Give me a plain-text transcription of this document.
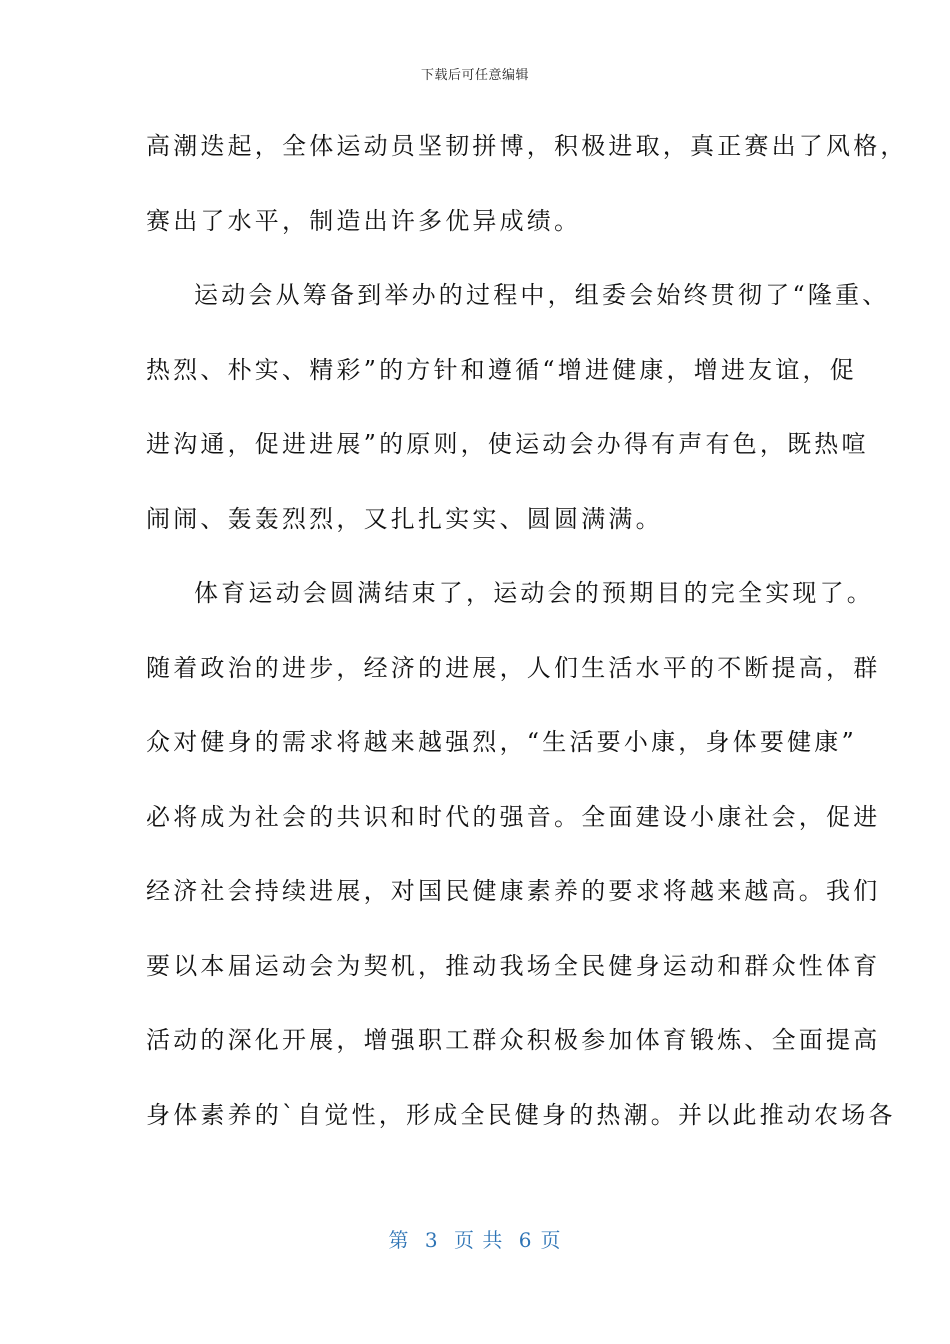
下载后可任意编辑
高潮迭起，全体运动员坚韧拼博，积极进取，真正赛出了风格，
赛出了水平，制造出许多优异成绩。
运动会从筹备到举办的过程中，组委会始终贯彻了“隆重、
热烈、朴实、精彩”的方针和遵循“增进健康，增进友谊，促
进沟通，促进进展”的原则，使运动会办得有声有色，既热喧
闹闹、轰轰烈烈，又扎扎实实、圆圆满满。
体育运动会圆满结束了，运动会的预期目的完全实现了。
随着政治的进步，经济的进展，人们生活水平的不断提高，群
众对健身的需求将越来越强烈，“生活要小康，身体要健康”
必将成为社会的共识和时代的强音。全面建设小康社会，促进
经济社会持续进展，对国民健康素养的要求将越来越高。我们
要以本届运动会为契机，推动我场全民健身运动和群众性体育
活动的深化开展，增强职工群众积极参加体育锻炼、全面提高
身体素养的`自觉性，形成全民健身的热潮。并以此推动农场各
第 3 页 共 6 页
